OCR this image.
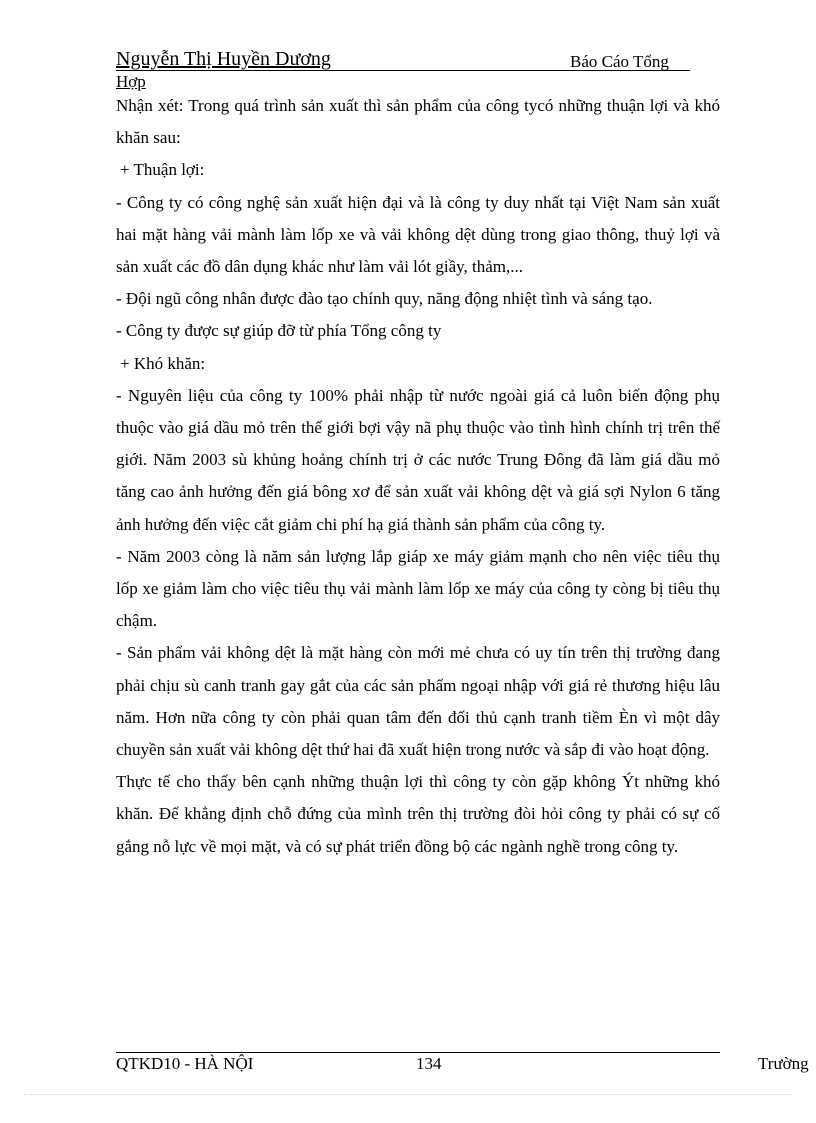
Nguyễn Thị Huyền Dương	Báo Cáo Tổng
Hợp

Nhận xét: Trong quá trình sản xuất thì sản phẩm của công tycó những thuận lợi và khó khăn sau:

+ Thuận lợi:

- Công ty có công nghệ sản xuất hiện đại và là công ty duy nhất tại Việt Nam sản xuất hai mặt hàng vải mành làm lốp xe và vải không dệt dùng trong giao thông, thuỷ lợi và sản xuất các đồ dân dụng khác như làm vải lót giầy, thảm,...

- Đội ngũ công nhân được đào tạo chính quy, năng động nhiệt tình và sáng tạo.

- Công ty được sự giúp đỡ từ phía Tổng công ty

+ Khó khăn:

- Nguyên liệu của công ty 100% phải nhập từ nước ngoài giá cả luôn biến động phụ thuộc vào giá dầu mỏ trên thế giới bợi vậy nã phụ thuộc vào tình hình chính trị trên thế giới. Năm 2003 sù khủng hoảng chính trị ở các nước Trung Đông đã làm giá dầu mỏ tăng cao ảnh hưởng đến giá bông xơ để sản xuất vải không dệt và giá sợi Nylon 6 tăng ảnh hưởng đến việc cắt giảm chi phí hạ giá thành sản phẩm của công ty.

- Năm 2003 còng là năm sản lượng lắp giáp xe máy giảm mạnh cho nên việc tiêu thụ lốp xe giảm làm cho việc tiêu thụ vải mành làm lốp xe máy của công ty còng bị tiêu thụ chậm.

- Sản phẩm vải không dệt là mặt hàng còn mới mẻ chưa có uy tín trên thị trường đang phải chịu sù canh tranh gay gắt của các sản phẩm ngoại nhập với giá rẻ thương hiệu lâu năm. Hơn nữa công ty còn phải quan tâm đến đối thủ cạnh tranh tiềm Èn vì một dây chuyền sản xuất vải không dệt thứ hai đã xuất hiện trong nước và sắp đi vào hoạt động.

Thực tế cho thấy bên cạnh những thuận lợi thì công ty còn gặp không Ýt những khó khăn. Để khẳng định chỗ đứng của mình trên thị trường đòi hỏi công ty phải có sự cố gắng nỗ lực về mọi mặt, và có sự phát triển đồng bộ các ngành nghề trong công ty.

QTKD10 - HÀ NỘI	134	Trường
